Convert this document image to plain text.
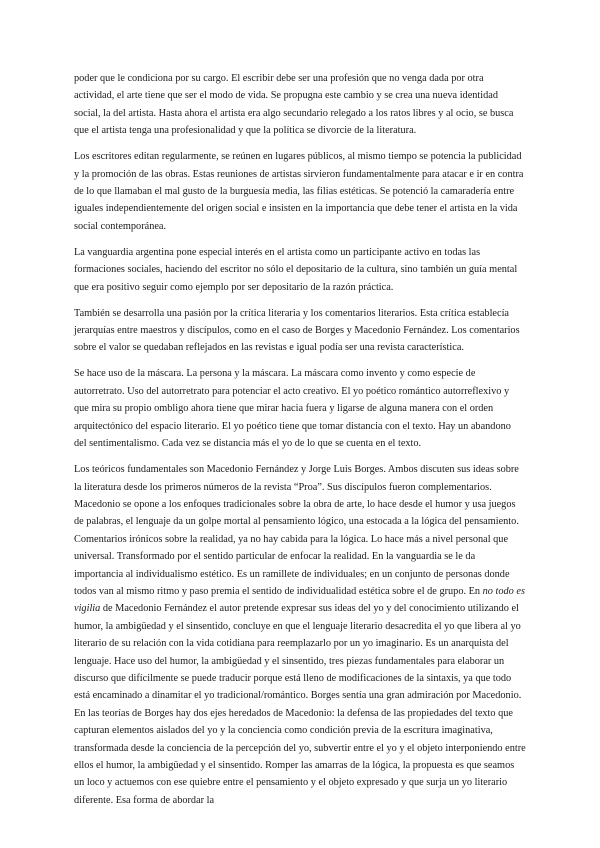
poder que le condiciona por su cargo. El escribir debe ser una profesión que no venga dada por otra actividad, el arte tiene que ser el modo de vida. Se propugna este cambio y se crea una nueva identidad social, la del artista. Hasta ahora el artista era algo secundario relegado a los ratos libres y al ocio, se busca que el artista tenga una profesionalidad y que la política se divorcie de la literatura.

Los escritores editan regularmente, se reúnen en lugares públicos, al mismo tiempo se potencia la publicidad y la promoción de las obras. Estas reuniones de artistas sirvieron fundamentalmente para atacar e ir en contra de lo que llamaban el mal gusto de la burguesía media, las filias estéticas. Se potenció la camaradería entre iguales independientemente del origen social e insisten en la importancia que debe tener el artista en la vida social contemporánea.

La vanguardia argentina pone especial interés en el artista como un participante activo en todas las formaciones sociales, haciendo del escritor no sólo el depositario de la cultura, sino también un guía mental que era positivo seguir como ejemplo por ser depositario de la razón práctica.

También se desarrolla una pasión por la crítica literaria y los comentarios literarios. Esta crítica establecía jerarquías entre maestros y discípulos, como en el caso de Borges y Macedonio Fernández. Los comentarios sobre el valor se quedaban reflejados en las revistas e igual podía ser una revista característica.

Se hace uso de la máscara. La persona y la máscara. La máscara como invento y como especie de autorretrato. Uso del autorretrato para potenciar el acto creativo. El yo poético romántico autorreflexivo y que mira su propio ombligo ahora tiene que mirar hacia fuera y ligarse de alguna manera con el orden arquitectónico del espacio literario. El yo poético tiene que tomar distancia con el texto. Hay un abandono del sentimentalismo. Cada vez se distancia más el yo de lo que se cuenta en el texto.

Los teóricos fundamentales son Macedonio Fernández y Jorge Luis Borges. Ambos discuten sus ideas sobre la literatura desde los primeros números de la revista “Proa”. Sus discípulos fueron complementarios. Macedonio se opone a los enfoques tradicionales sobre la obra de arte, lo hace desde el humor y usa juegos de palabras, el lenguaje da un golpe mortal al pensamiento lógico, una estocada a la lógica del pensamiento. Comentarios irónicos sobre la realidad, ya no hay cabida para la lógica. Lo hace más a nivel personal que universal. Transformado por el sentido particular de enfocar la realidad. En la vanguardia se le da importancia al individualismo estético. Es un ramillete de individuales; en un conjunto de personas donde todos van al mismo ritmo y paso premia el sentido de individualidad estética sobre el de grupo. En no todo es vigilia de Macedonio Fernández el autor pretende expresar sus ideas del yo y del conocimiento utilizando el humor, la ambigüedad y el sinsentido, concluye en que el lenguaje literario desacredita el yo que libera al yo literario de su relación con la vida cotidiana para reemplazarlo por un yo imaginario. Es un anarquista del lenguaje. Hace uso del humor, la ambigüedad y el sinsentido, tres piezas fundamentales para elaborar un discurso que difícilmente se puede traducir porque está lleno de modificaciones de la sintaxis, ya que todo está encaminado a dinamitar el yo tradicional/romántico. Borges sentía una gran admiración por Macedonio. En las teorías de Borges hay dos ejes heredados de Macedonio: la defensa de las propiedades del texto que capturan elementos aislados del yo y la conciencia como condición previa de la escritura imaginativa, transformada desde la conciencia de la percepción del yo, subvertir entre el yo y el objeto interponiendo entre ellos el humor, la ambigüedad y el sinsentido. Romper las amarras de la lógica, la propuesta es que seamos un loco y actuemos con ese quiebre entre el pensamiento y el objeto expresado y que surja un yo literario diferente. Esa forma de abordar la
